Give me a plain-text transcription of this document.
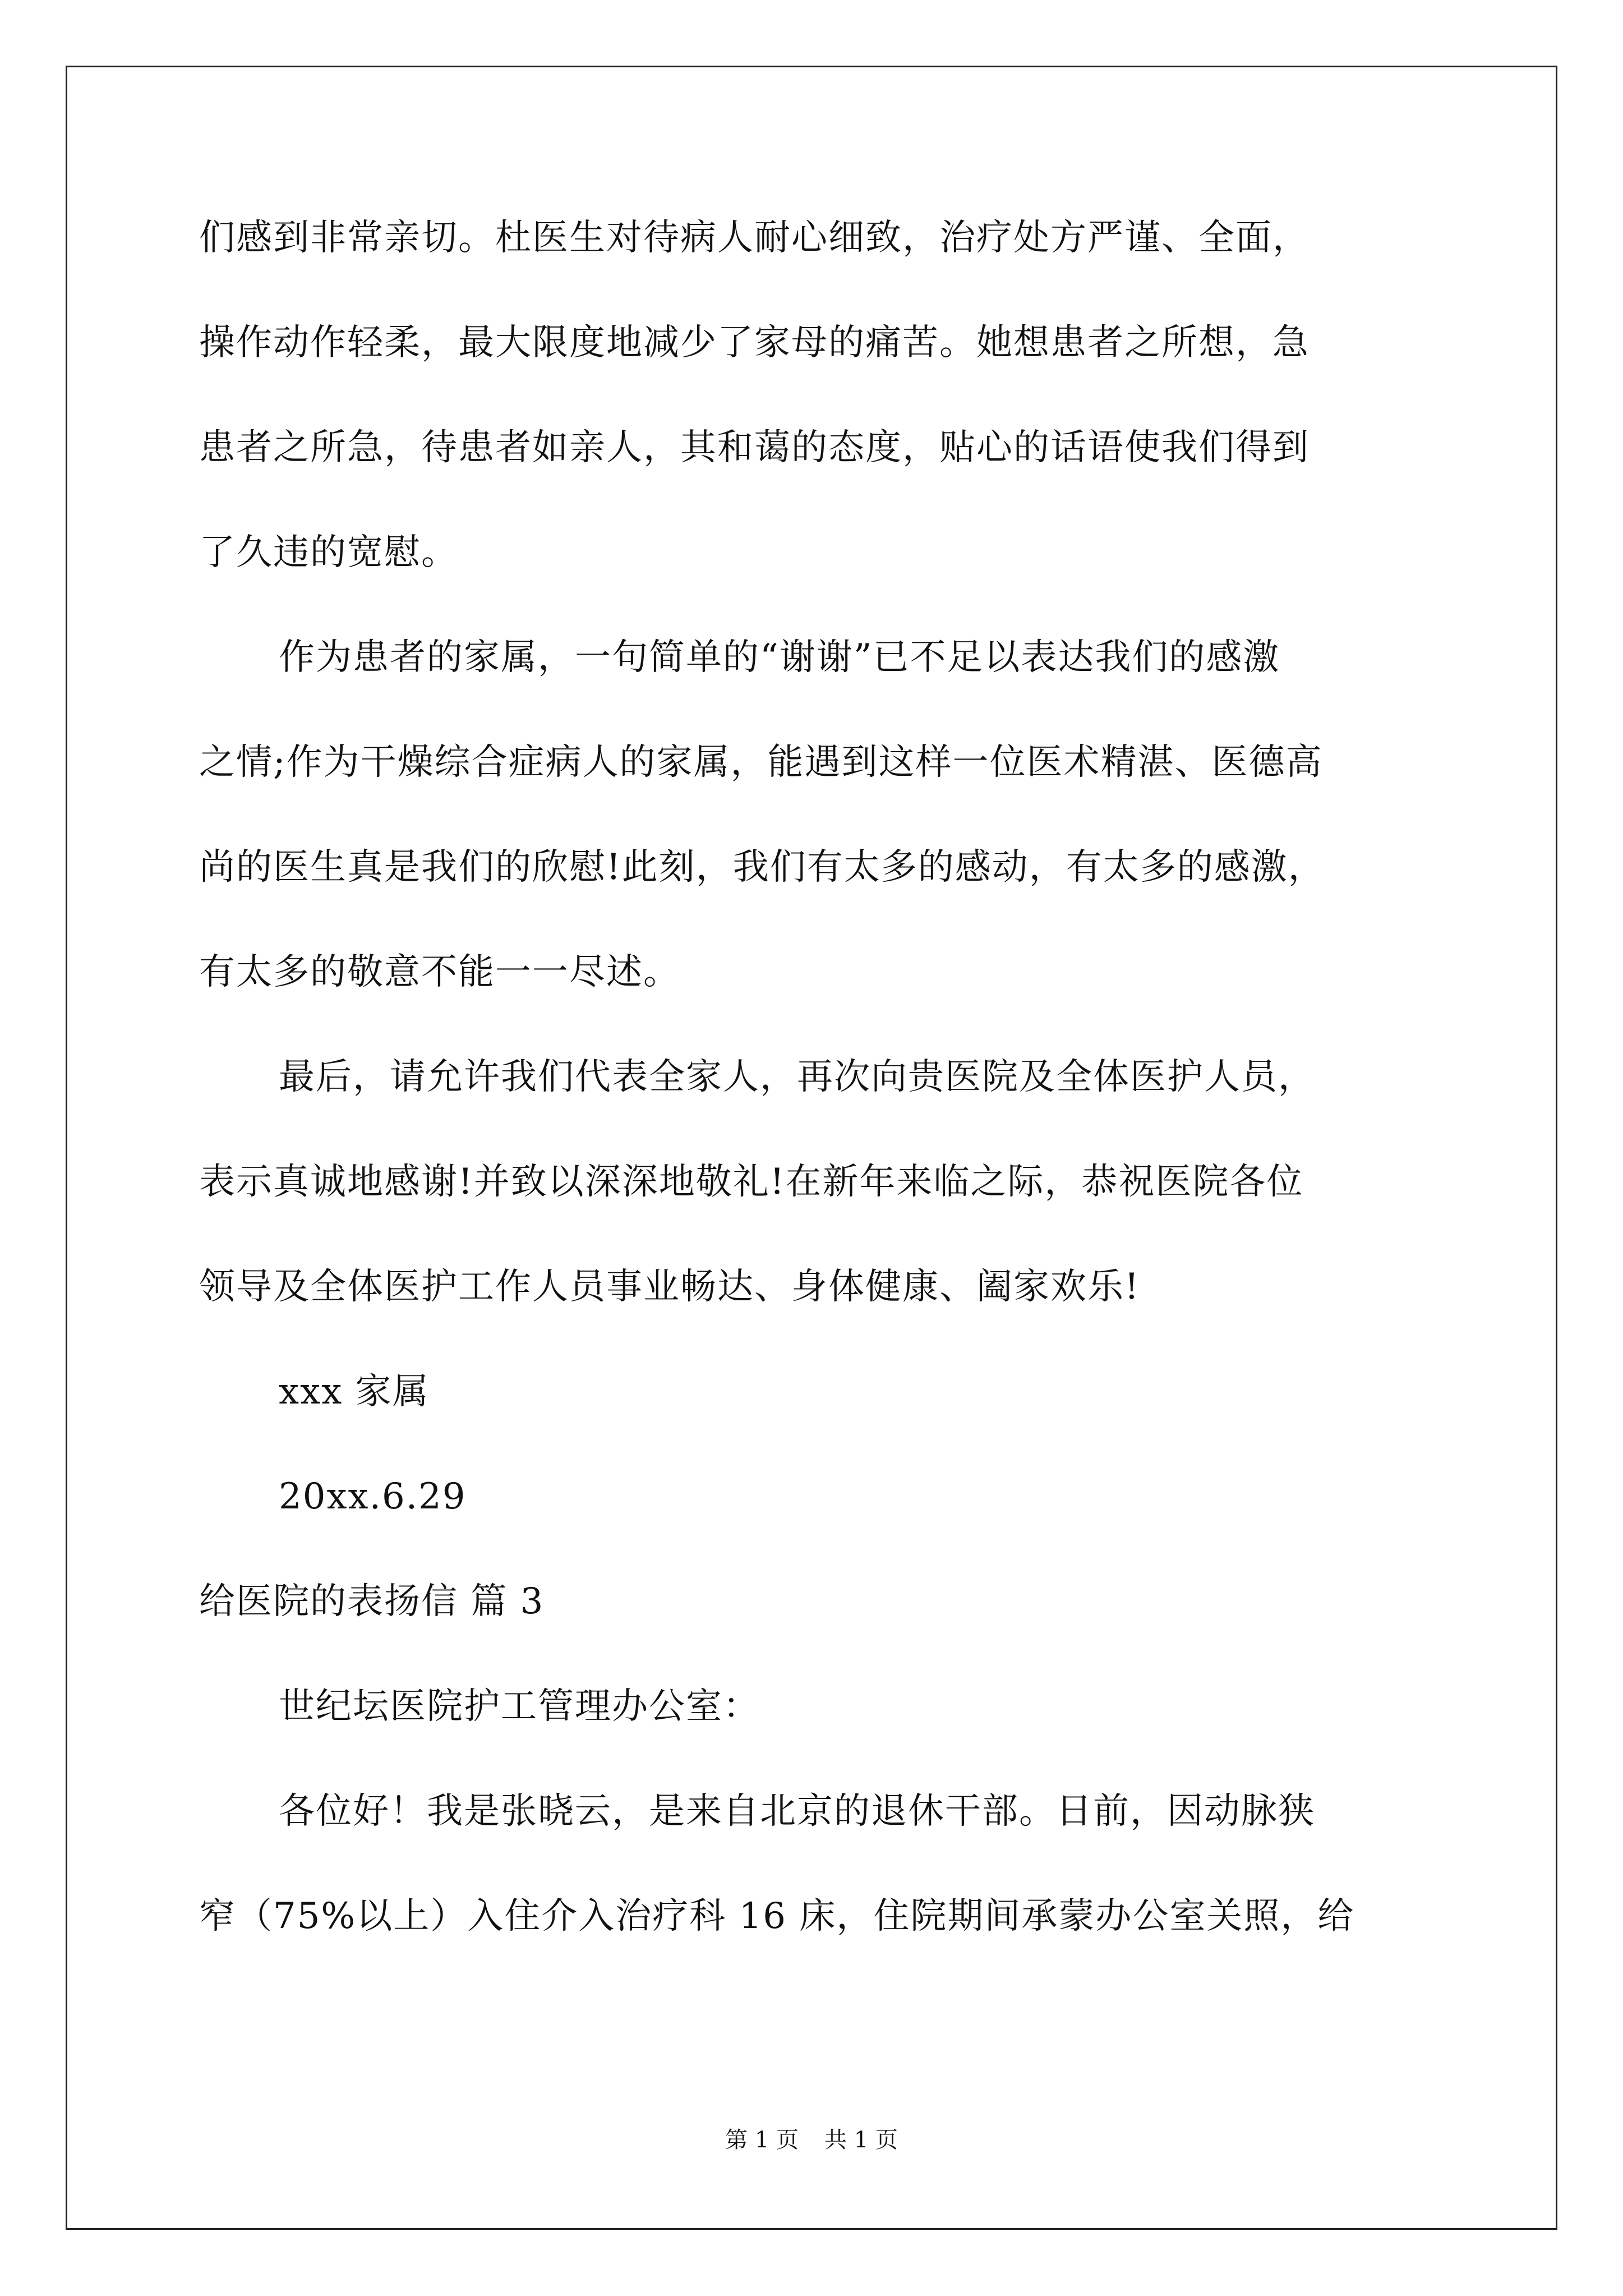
们感到非常亲切。杜医生对待病人耐心细致，治疗处方严谨、全面，
操作动作轻柔，最大限度地减少了家母的痛苦。她想患者之所想，急
患者之所急，待患者如亲人，其和蔼的态度，贴心的话语使我们得到
了久违的宽慰。
作为患者的家属，一句简单的“谢谢”已不足以表达我们的感激
之情;作为干燥综合症病人的家属，能遇到这样一位医术精湛、医德高
尚的医生真是我们的欣慰!此刻，我们有太多的感动，有太多的感激，
有太多的敬意不能一一尽述。
最后，请允许我们代表全家人，再次向贵医院及全体医护人员，
表示真诚地感谢!并致以深深地敬礼!在新年来临之际，恭祝医院各位
领导及全体医护工作人员事业畅达、身体健康、阖家欢乐!
xxx 家属
20xx.6.29
给医院的表扬信 篇 3
世纪坛医院护工管理办公室：
各位好！我是张晓云，是来自北京的退休干部。日前，因动脉狭
窄（75%以上）入住介入治疗科 16 床，住院期间承蒙办公室关照，给
第 1 页 共 1 页
